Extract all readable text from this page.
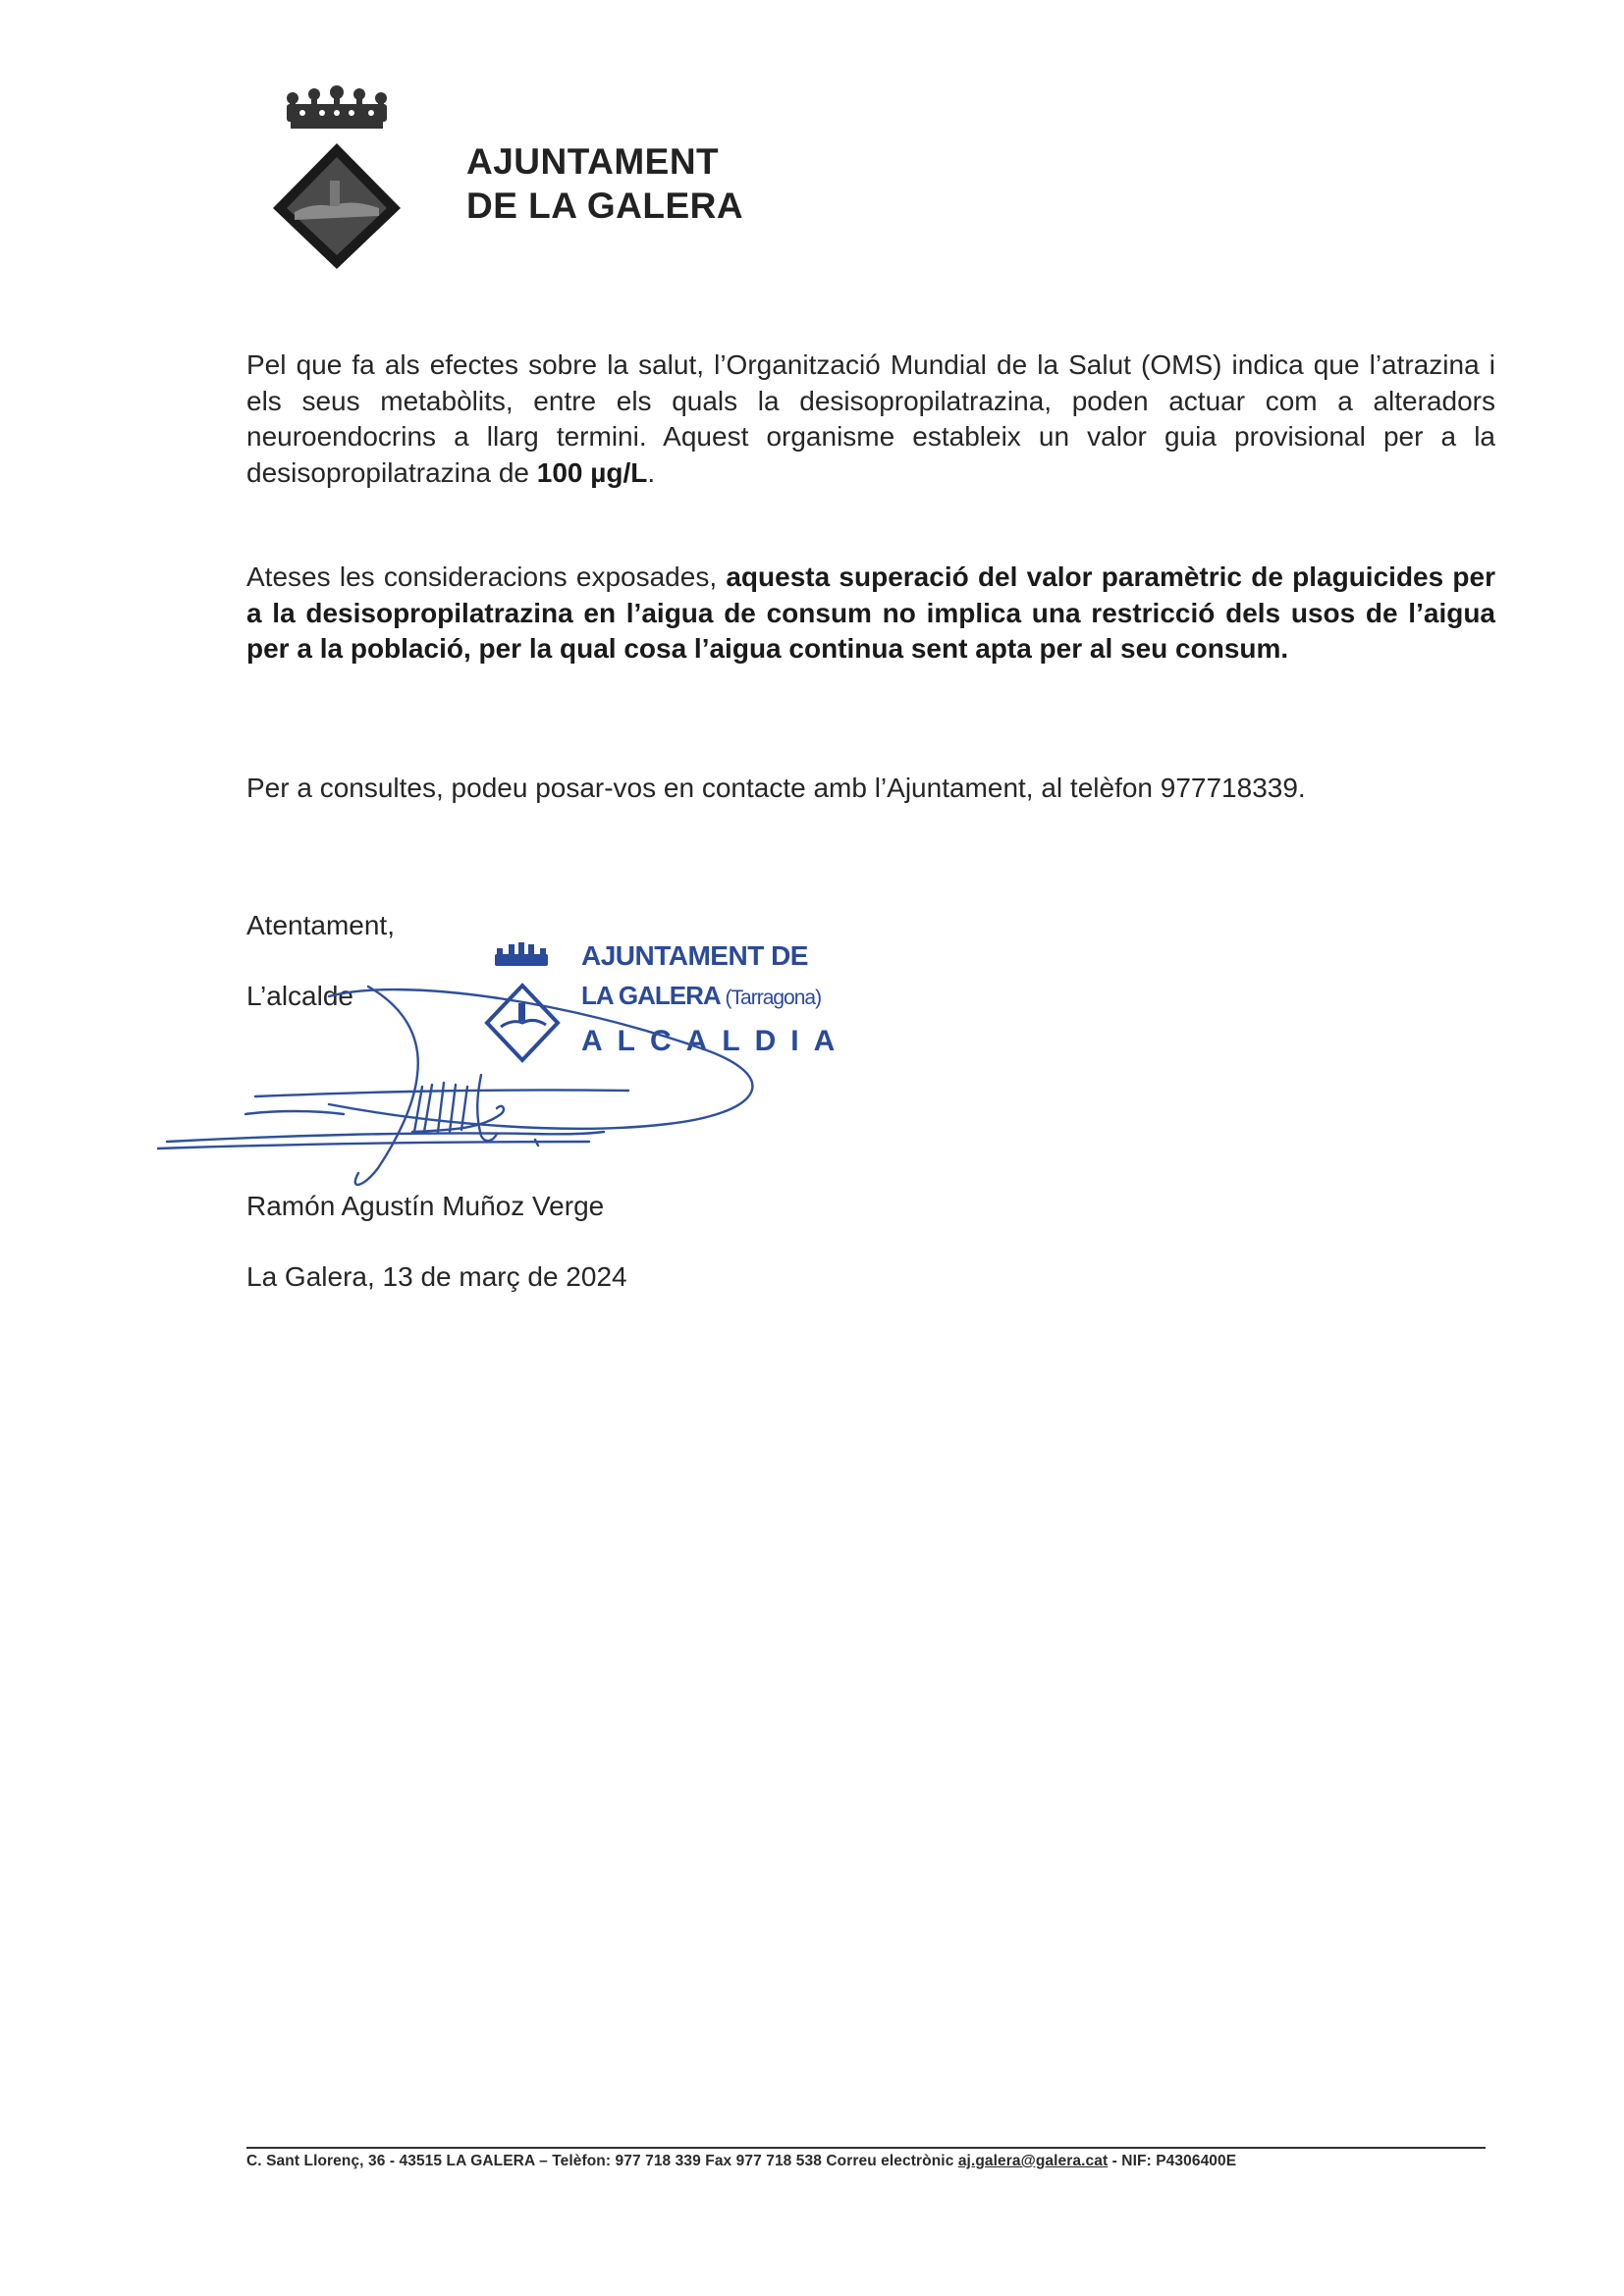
AJUNTAMENT
DE LA GALERA
Pel que fa als efectes sobre la salut, l’Organització Mundial de la Salut (OMS) indica que l’atrazina i els seus metabòlits, entre els quals la desisopropilatrazina, poden actuar com a alteradors neuroendocrins a llarg termini. Aquest organisme estableix un valor guia provisional per a la desisopropilatrazina de 100 µg/L.
Ateses les consideracions exposades, aquesta superació del valor paramètric de plaguicides per a la desisopropilatrazina en l’aigua de consum no implica una restricció dels usos de l’aigua per a la població, per la qual cosa l’aigua continua sent apta per al seu consum.
Per a consultes, podeu posar-vos en contacte amb l’Ajuntament, al telèfon 977718339.
Atentament,
L’alcalde
AJUNTAMENT DE
LA GALERA (Tarragona)
ALCALDIA
Ramón Agustín Muñoz Verge
La Galera, 13 de març de 2024
C. Sant Llorenç, 36 - 43515 LA GALERA – Telèfon: 977 718 339 Fax 977 718 538 Correu electrònic aj.galera@galera.cat - NIF: P4306400E
